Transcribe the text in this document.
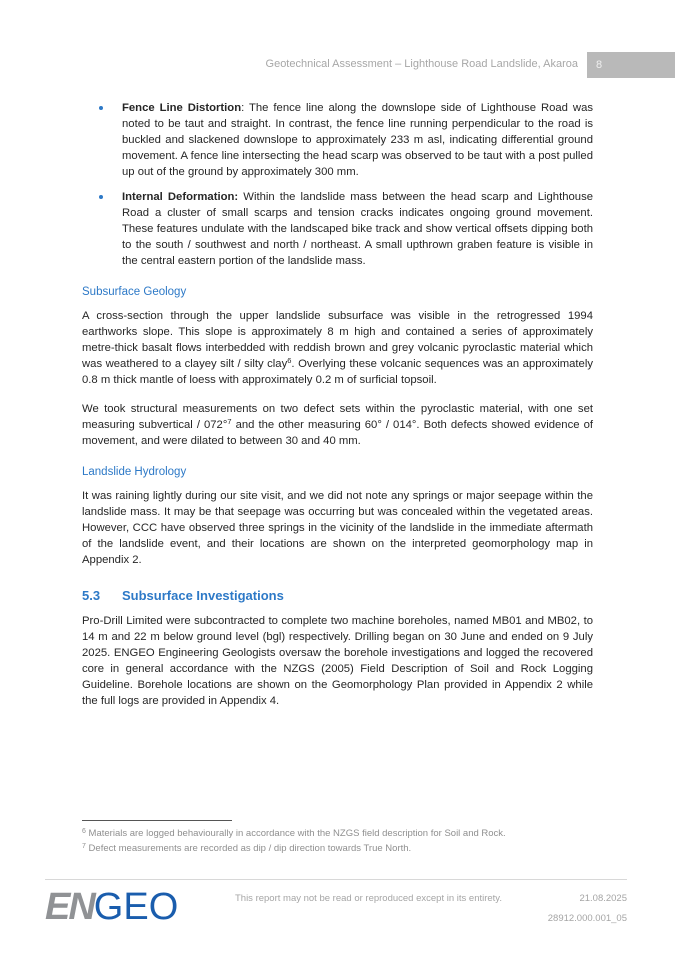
Geotechnical Assessment – Lighthouse Road Landslide, Akaroa	8
Fence Line Distortion: The fence line along the downslope side of Lighthouse Road was noted to be taut and straight. In contrast, the fence line running perpendicular to the road is buckled and slackened downslope to approximately 233 m asl, indicating differential ground movement. A fence line intersecting the head scarp was observed to be taut with a post pulled up out of the ground by approximately 300 mm.
Internal Deformation: Within the landslide mass between the head scarp and Lighthouse Road a cluster of small scarps and tension cracks indicates ongoing ground movement. These features undulate with the landscaped bike track and show vertical offsets dipping both to the south / southwest and north / northeast. A small upthrown graben feature is visible in the central eastern portion of the landslide mass.
Subsurface Geology

A cross-section through the upper landslide subsurface was visible in the retrogressed 1994 earthworks slope. This slope is approximately 8 m high and contained a series of approximately metre-thick basalt flows interbedded with reddish brown and grey volcanic pyroclastic material which was weathered to a clayey silt / silty clay$^6$. Overlying these volcanic sequences was an approximately 0.8 m thick mantle of loess with approximately 0.2 m of surficial topsoil.

We took structural measurements on two defect sets within the pyroclastic material, with one set measuring subvertical / 072°$^7$ and the other measuring 60° / 014°. Both defects showed evidence of movement, and were dilated to between 30 and 40 mm.

Landslide Hydrology

It was raining lightly during our site visit, and we did not note any springs or major seepage within the landslide mass. It may be that seepage was occurring but was concealed within the vegetated areas. However, CCC have observed three springs in the vicinity of the landslide in the immediate aftermath of the landslide event, and their locations are shown on the interpreted geomorphology map in Appendix 2.

5.3 Subsurface Investigations

Pro-Drill Limited were subcontracted to complete two machine boreholes, named MB01 and MB02, to 14 m and 22 m below ground level (bgl) respectively. Drilling began on 30 June and ended on 9 July 2025. ENGEO Engineering Geologists oversaw the borehole investigations and logged the recovered core in general accordance with the NZGS (2005) Field Description of Soil and Rock Logging Guideline. Borehole locations are shown on the Geomorphology Plan provided in Appendix 2 while the full logs are provided in Appendix 4.

$^6$ Materials are logged behaviourally in accordance with the NZGS field description for Soil and Rock.
$^7$ Defect measurements are recorded as dip / dip direction towards True North.
ENGEO	This report may not be read or reproduced except in its entirety.	21.08.2025
28912.000.001_05
